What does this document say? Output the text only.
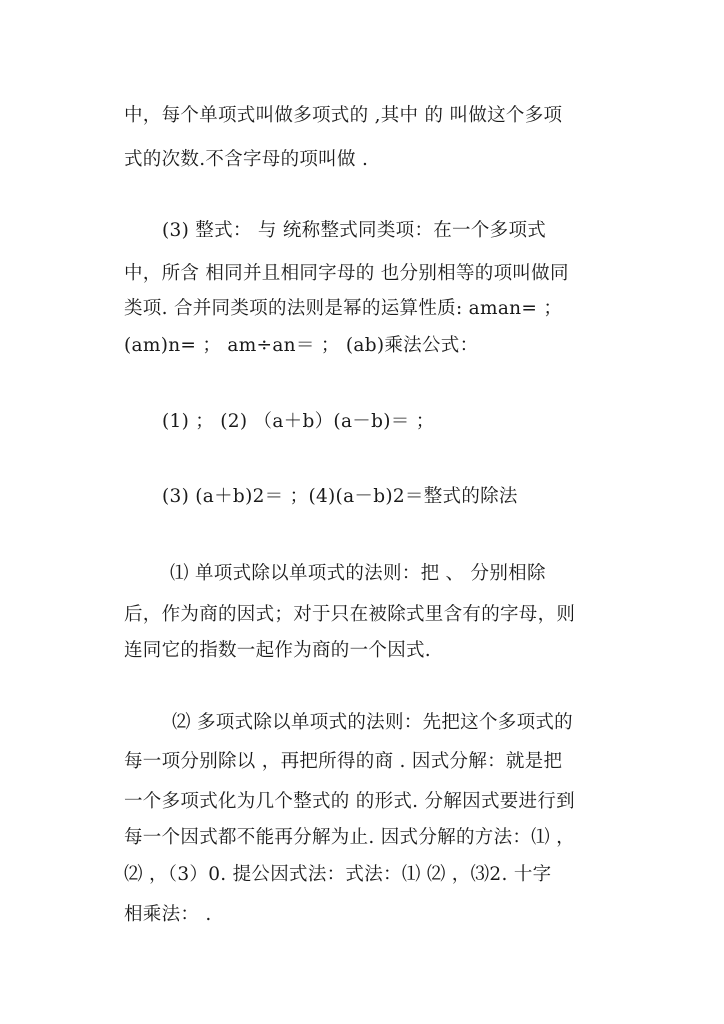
中，每个单项式叫做多项式的 ,其中 的 叫做这个多项
式的次数.不含字母的项叫做 .
(3) 整式： 与 统称整式同类项：在一个多项式
中，所含 相同并且相同字母的 也分别相等的项叫做同
类项. 合并同类项的法则是幂的运算性质: aman= ；
(am)n= ； am÷an＝ ； (ab)乘法公式：
(1) ； (2) （a＋b）(a－b)＝ ；
(3) (a＋b)2＝ ；(4)(a－b)2＝整式的除法
⑴ 单项式除以单项式的法则：把 、 分别相除
后，作为商的因式；对于只在被除式里含有的字母，则
连同它的指数一起作为商的一个因式.
⑵ 多项式除以单项式的法则：先把这个多项式的
每一项分别除以 ，再把所得的商 . 因式分解：就是把
一个多项式化为几个整式的 的形式. 分解因式要进行到
每一个因式都不能再分解为止. 因式分解的方法：⑴ ，
⑵ ，（3）0. 提公因式法：式法：⑴ ⑵ ，⑶2. 十字
相乘法： .
